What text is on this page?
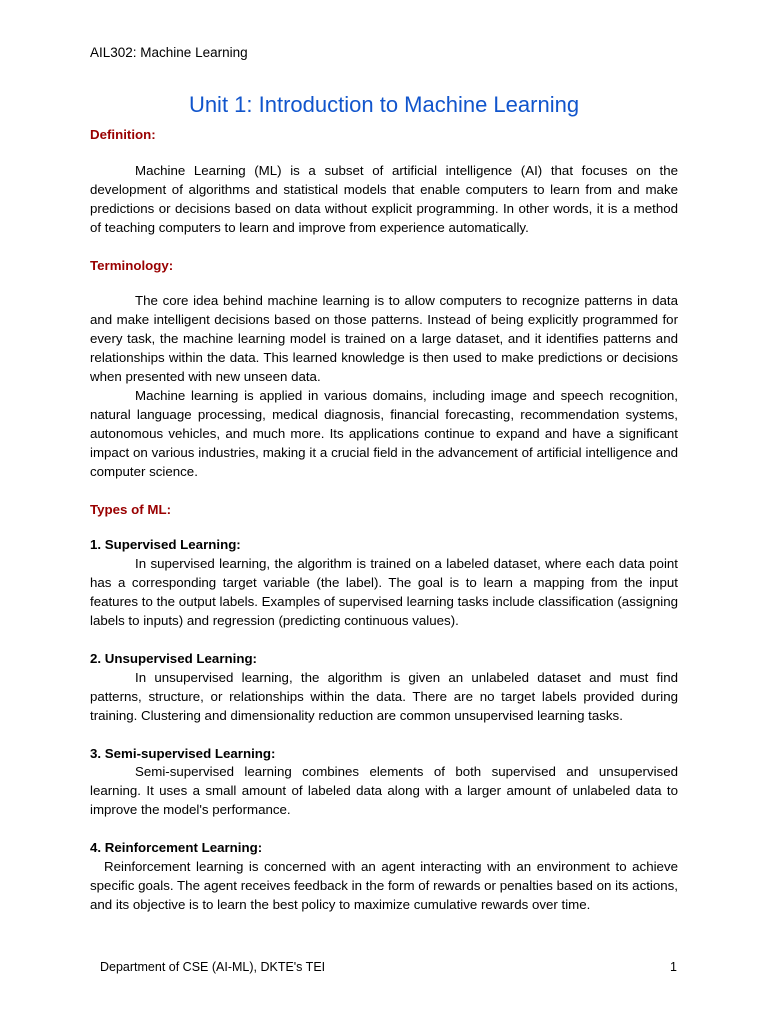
AIL302: Machine Learning
Unit 1: Introduction to Machine Learning
Definition:

Machine Learning (ML) is a subset of artificial intelligence (AI) that focuses on the development of algorithms and statistical models that enable computers to learn from and make predictions or decisions based on data without explicit programming. In other words, it is a method of teaching computers to learn and improve from experience automatically.

Terminology:

The core idea behind machine learning is to allow computers to recognize patterns in data and make intelligent decisions based on those patterns. Instead of being explicitly programmed for every task, the machine learning model is trained on a large dataset, and it identifies patterns and relationships within the data. This learned knowledge is then used to make predictions or decisions when presented with new unseen data.

Machine learning is applied in various domains, including image and speech recognition, natural language processing, medical diagnosis, financial forecasting, recommendation systems, autonomous vehicles, and much more. Its applications continue to expand and have a significant impact on various industries, making it a crucial field in the advancement of artificial intelligence and computer science.

Types of ML:
1. Supervised Learning:

In supervised learning, the algorithm is trained on a labeled dataset, where each data point has a corresponding target variable (the label). The goal is to learn a mapping from the input features to the output labels. Examples of supervised learning tasks include classification (assigning labels to inputs) and regression (predicting continuous values).

2. Unsupervised Learning:

In unsupervised learning, the algorithm is given an unlabeled dataset and must find patterns, structure, or relationships within the data. There are no target labels provided during training. Clustering and dimensionality reduction are common unsupervised learning tasks.

3. Semi-supervised Learning:

Semi-supervised learning combines elements of both supervised and unsupervised learning. It uses a small amount of labeled data along with a larger amount of unlabeled data to improve the model's performance.

4. Reinforcement Learning:

Reinforcement learning is concerned with an agent interacting with an environment to achieve specific goals. The agent receives feedback in the form of rewards or penalties based on its actions, and its objective is to learn the best policy to maximize cumulative rewards over time.

Department of CSE (AI-ML), DKTE's TEI	1
